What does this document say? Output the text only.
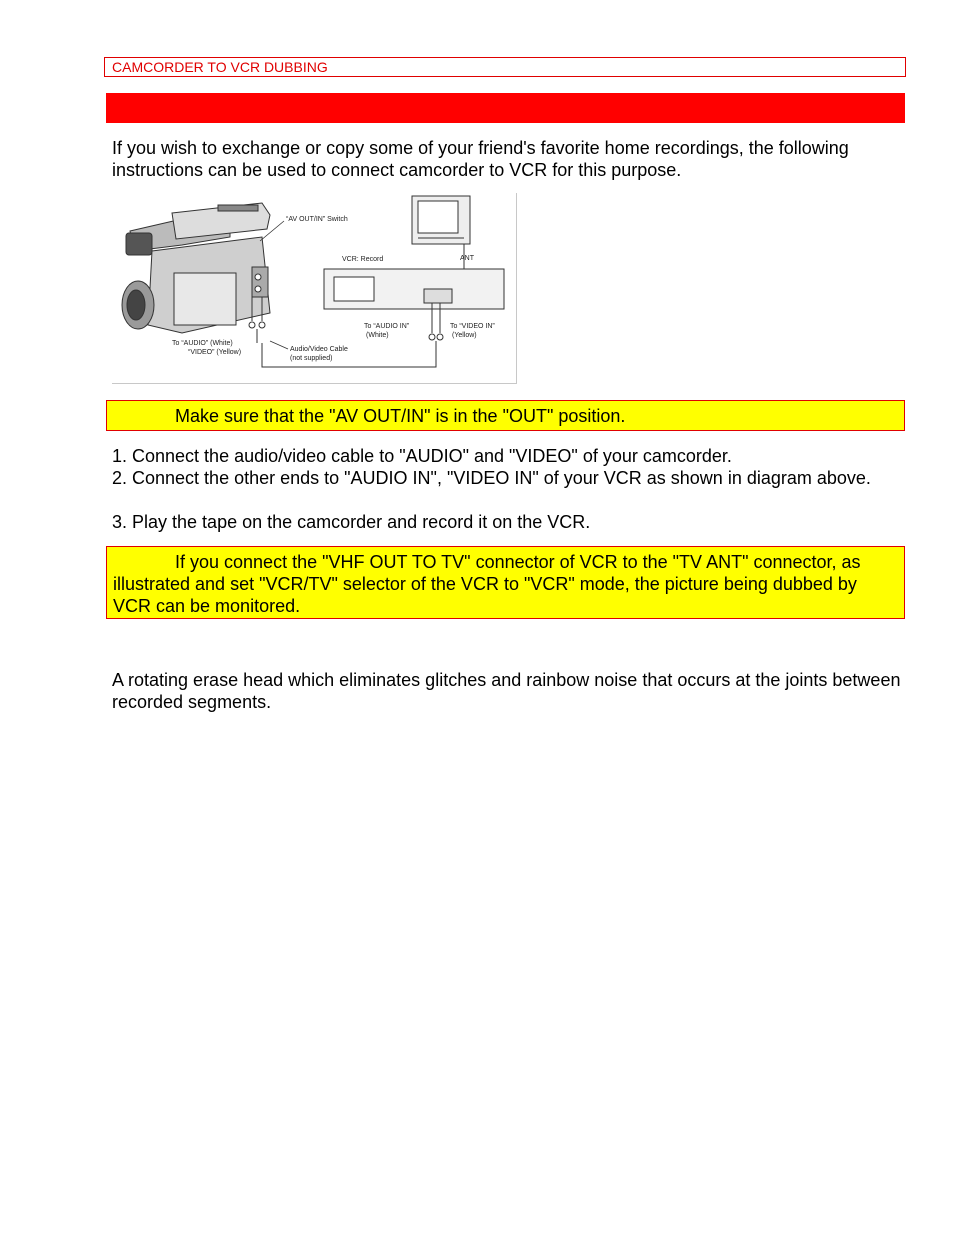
CAMCORDER TO VCR DUBBING

If you wish to exchange or copy some of your friend's favorite home recordings, the following instructions can be used to connect camcorder to VCR for this purpose.

“AV OUT/IN” Switch
ANT
VCR: Record
To “AUDIO IN”
(White)
To “VIDEO IN”
(Yellow)
To “AUDIO” (White)
“VIDEO” (Yellow)	Audio/Video Cable
(not supplied)
Make sure that the "AV OUT/IN" is in the "OUT" position.

1. Connect the audio/video cable to "AUDIO" and "VIDEO" of your camcorder.

2. Connect the other ends to "AUDIO IN", "VIDEO IN" of your VCR as shown in diagram above.

3. Play the tape on the camcorder and record it on the VCR.

If you connect the "VHF OUT TO TV" connector of VCR to the "TV ANT" connector, as illustrated and set "VCR/TV" selector of the VCR to "VCR" mode, the picture being dubbed by VCR can be monitored.

A rotating erase head which eliminates glitches and rainbow noise that occurs at the joints between recorded segments.
